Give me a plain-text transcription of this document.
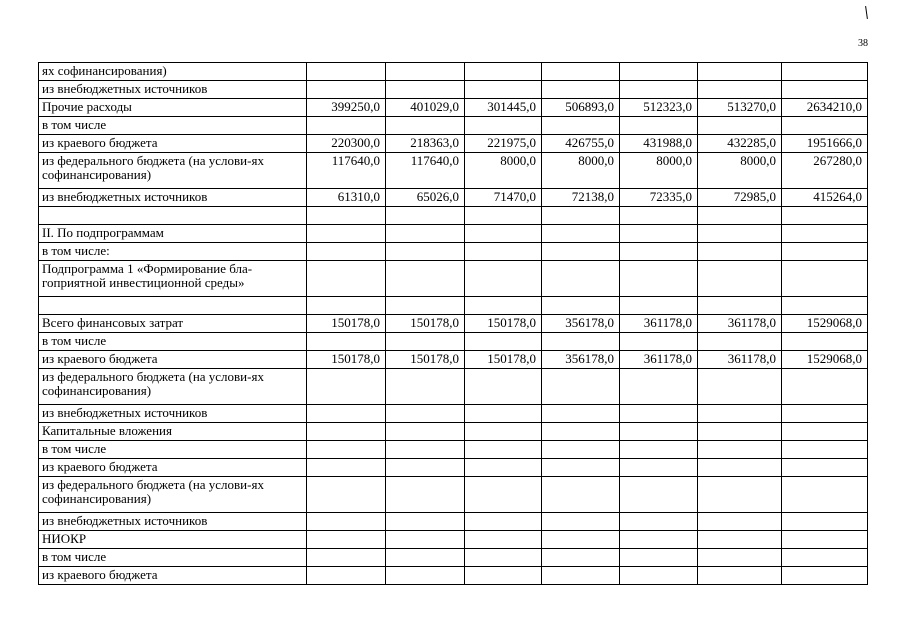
38
ях софинансирования)							
из внебюджетных источников							
Прочие расходы	399250,0	401029,0	301445,0	506893,0	512323,0	513270,0	2634210,0
в том числе							
из краевого бюджета	220300,0	218363,0	221975,0	426755,0	431988,0	432285,0	1951666,0
из федерального бюджета (на услови-ях софинансирования)	117640,0	117640,0	8000,0	8000,0	8000,0	8000,0	267280,0
из внебюджетных источников	61310,0	65026,0	71470,0	72138,0	72335,0	72985,0	415264,0

II. По подпрограммам							
в том числе:							
Подпрограмма 1 «Формирование бла-гоприятной инвестиционной среды»							

Всего финансовых затрат	150178,0	150178,0	150178,0	356178,0	361178,0	361178,0	1529068,0
в том числе							
из краевого бюджета	150178,0	150178,0	150178,0	356178,0	361178,0	361178,0	1529068,0
из федерального бюджета (на услови-ях софинансирования)							
из внебюджетных источников							
Капитальные вложения							
в том числе							
из краевого бюджета							
из федерального бюджета (на услови-ях софинансирования)							
из внебюджетных источников							
НИОКР							
в том числе							
из краевого бюджета							
